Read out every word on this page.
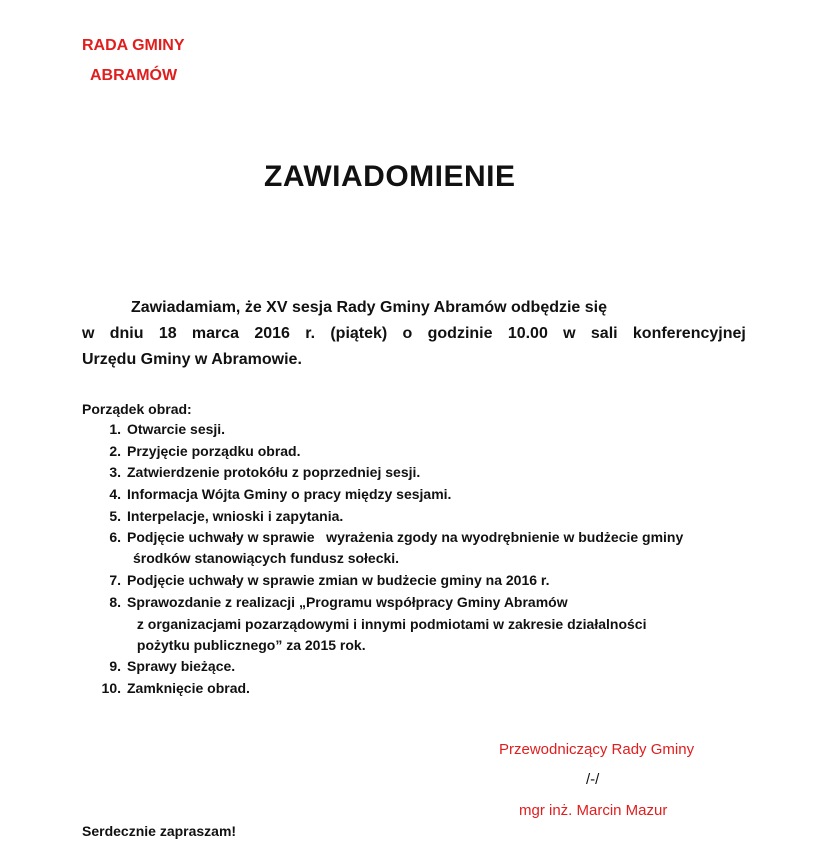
RADA GMINY
ABRAMÓW
ZAWIADOMIENIE
Zawiadamiam, że XV sesja Rady Gminy Abramów odbędzie się
w dniu 18 marca 2016 r. (piątek) o godzinie 10.00 w sali konferencyjnej
Urzędu Gminy w Abramowie.
Porządek obrad:
1. Otwarcie sesji.
2. Przyjęcie porządku obrad.
3. Zatwierdzenie protokółu z poprzedniej sesji.
4. Informacja Wójta Gminy o pracy między sesjami.
5. Interpelacje, wnioski i zapytania.
6. Podjęcie uchwały w sprawie   wyrażenia zgody na wyodrębnienie w budżecie gminy
środków stanowiących fundusz sołecki.
7. Podjęcie uchwały w sprawie zmian w budżecie gminy na 2016 r.
8. Sprawozdanie z realizacji „Programu współpracy Gminy Abramów
z organizacjami pozarządowymi i innymi podmiotami w zakresie działalności
pożytku publicznego” za 2015 rok.
9. Sprawy bieżące.
10. Zamknięcie obrad.
Przewodniczący Rady Gminy
/-/
mgr inż. Marcin Mazur
Serdecznie zapraszam!
